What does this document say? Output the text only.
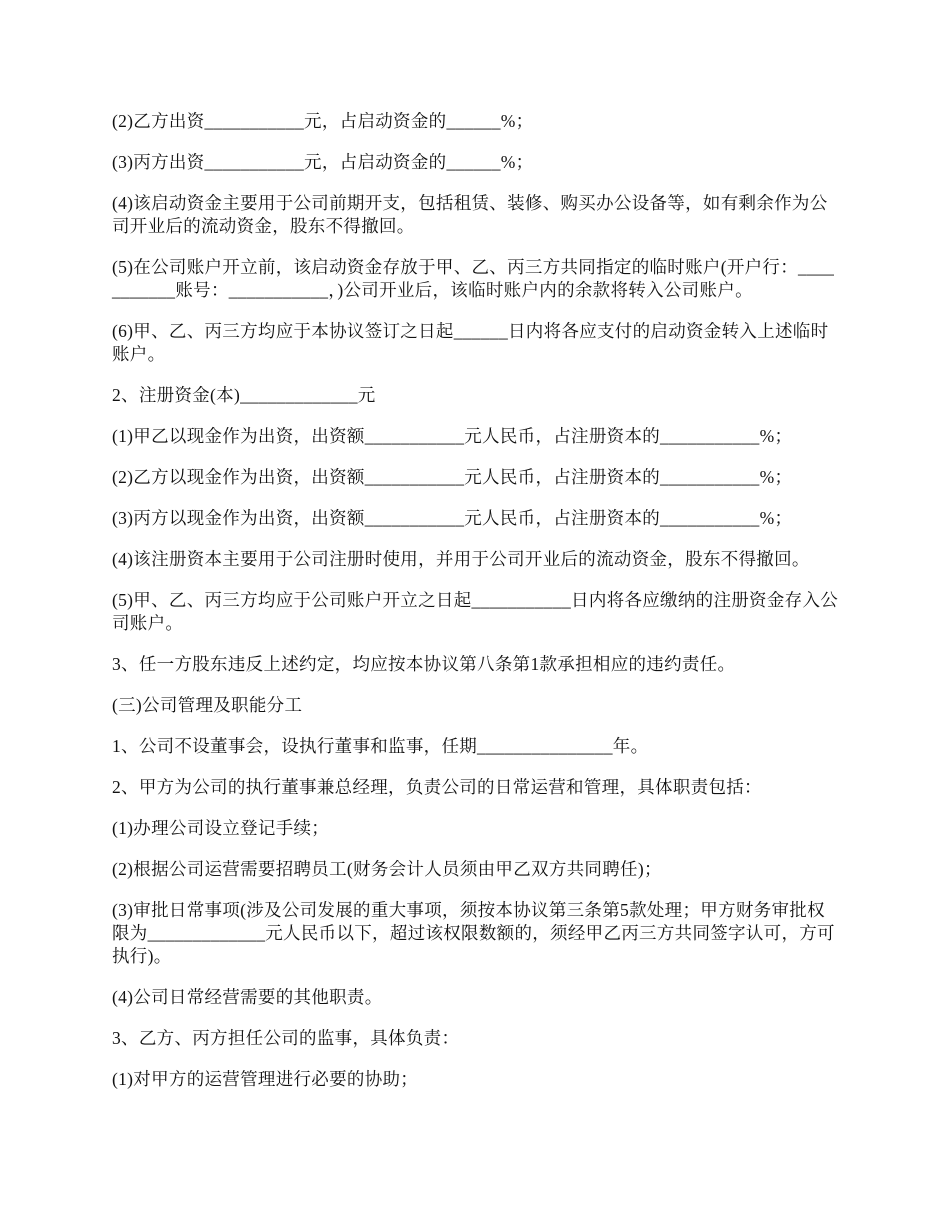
(2)乙方出资___________元，占启动资金的______%；

(3)丙方出资___________元，占启动资金的______%；

(4)该启动资金主要用于公司前期开支，包括租赁、装修、购买办公设备等，如有剩余作为公司开业后的流动资金，股东不得撤回。

(5)在公司账户开立前，该启动资金存放于甲、乙、丙三方共同指定的临时账户(开户行：___________账号：___________，)公司开业后，该临时账户内的余款将转入公司账户。

(6)甲、乙、丙三方均应于本协议签订之日起______日内将各应支付的启动资金转入上述临时账户。

2、注册资金(本)_____________元

(1)甲乙以现金作为出资，出资额___________元人民币，占注册资本的___________%；

(2)乙方以现金作为出资，出资额___________元人民币，占注册资本的___________%；

(3)丙方以现金作为出资，出资额___________元人民币，占注册资本的___________%；

(4)该注册资本主要用于公司注册时使用，并用于公司开业后的流动资金，股东不得撤回。

(5)甲、乙、丙三方均应于公司账户开立之日起___________日内将各应缴纳的注册资金存入公司账户。

3、任一方股东违反上述约定，均应按本协议第八条第1款承担相应的违约责任。

(三)公司管理及职能分工

1、公司不设董事会，设执行董事和监事，任期_______________年。

2、甲方为公司的执行董事兼总经理，负责公司的日常运营和管理，具体职责包括：

(1)办理公司设立登记手续；

(2)根据公司运营需要招聘员工(财务会计人员须由甲乙双方共同聘任)；

(3)审批日常事项(涉及公司发展的重大事项，须按本协议第三条第5款处理；甲方财务审批权限为_____________元人民币以下，超过该权限数额的，须经甲乙丙三方共同签字认可，方可执行)。

(4)公司日常经营需要的其他职责。

3、乙方、丙方担任公司的监事，具体负责：

(1)对甲方的运营管理进行必要的协助；
